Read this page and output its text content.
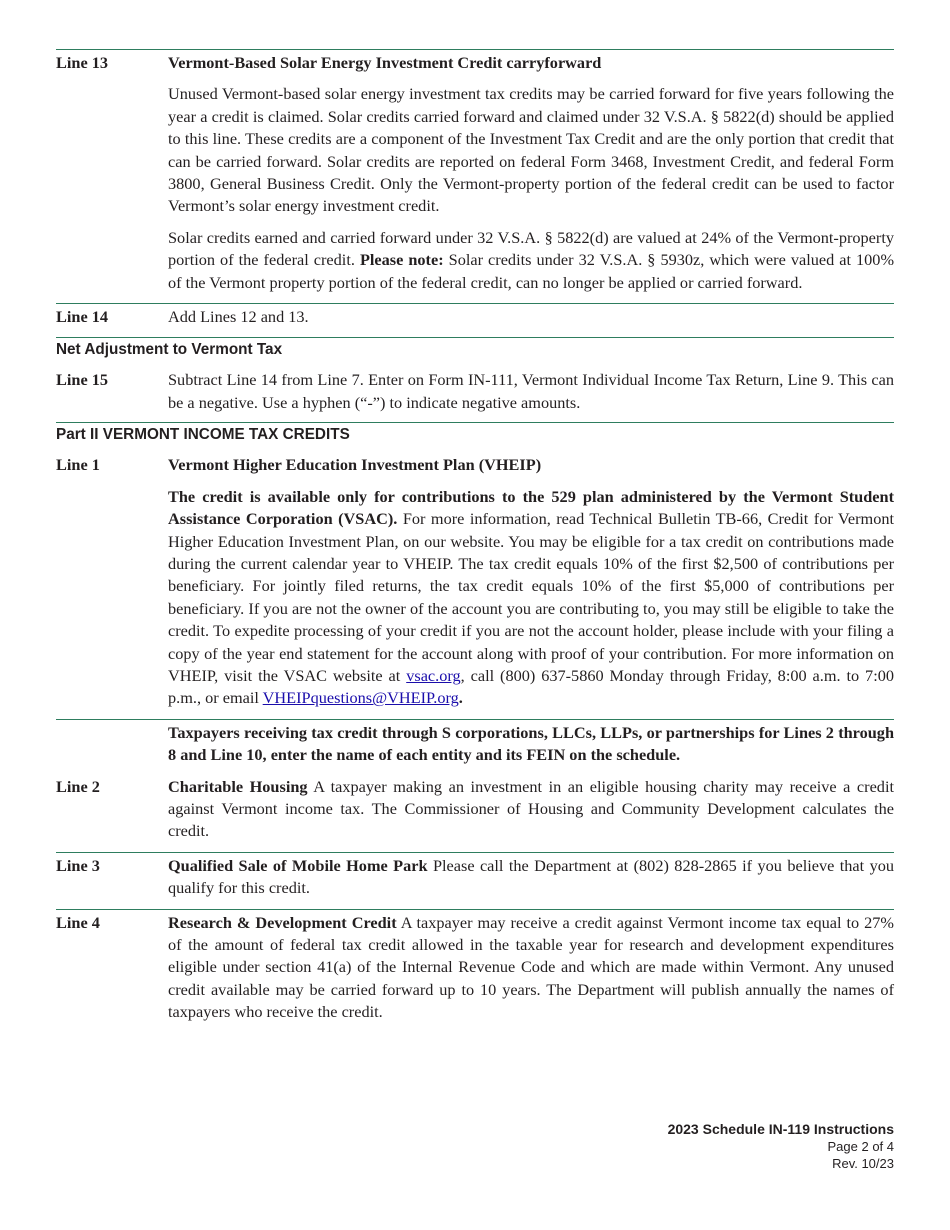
Line 13	Vermont-Based Solar Energy Investment Credit carryforward

Unused Vermont-based solar energy investment tax credits may be carried forward for five years following the year a credit is claimed. Solar credits carried forward and claimed under 32 V.S.A. § 5822(d) should be applied to this line. These credits are a component of the Investment Tax Credit and are the only portion that credit that can be carried forward. Solar credits are reported on federal Form 3468, Investment Credit, and federal Form 3800, General Business Credit. Only the Vermont-property portion of the federal credit can be used to factor Vermont’s solar energy investment credit.

Solar credits earned and carried forward under 32 V.S.A. § 5822(d) are valued at 24% of the Vermont-property portion of the federal credit. Please note: Solar credits under 32 V.S.A. § 5930z, which were valued at 100% of the Vermont property portion of the federal credit, can no longer be applied or carried forward.

Line 14	Add Lines 12 and 13.
Net Adjustment to Vermont Tax
Line 15	Subtract Line 14 from Line 7. Enter on Form IN-111, Vermont Individual Income Tax Return, Line 9. This can be a negative. Use a hyphen (“-”) to indicate negative amounts.
Part II VERMONT INCOME TAX CREDITS
Line 1	Vermont Higher Education Investment Plan (VHEIP)

The credit is available only for contributions to the 529 plan administered by the Vermont Student Assistance Corporation (VSAC). For more information, read Technical Bulletin TB-66, Credit for Vermont Higher Education Investment Plan, on our website. You may be eligible for a tax credit on contributions made during the current calendar year to VHEIP. The tax credit equals 10% of the first $2,500 of contributions per beneficiary. For jointly filed returns, the tax credit equals 10% of the first $5,000 of contributions per beneficiary. If you are not the owner of the account you are contributing to, you may still be eligible to take the credit. To expedite processing of your credit if you are not the account holder, please include with your filing a copy of the year end statement for the account along with proof of your contribution. For more information on VHEIP, visit the VSAC website at vsac.org, call (800) 637-5860 Monday through Friday, 8:00 a.m. to 7:00 p.m., or email VHEIPquestions@VHEIP.org.

Taxpayers receiving tax credit through S corporations, LLCs, LLPs, or partnerships for Lines 2 through 8 and Line 10, enter the name of each entity and its FEIN on the schedule.
Line 2	Charitable Housing A taxpayer making an investment in an eligible housing charity may receive a credit against Vermont income tax. The Commissioner of Housing and Community Development calculates the credit.
Line 3	Qualified Sale of Mobile Home Park Please call the Department at (802) 828-2865 if you believe that you qualify for this credit.
Line 4	Research & Development Credit A taxpayer may receive a credit against Vermont income tax equal to 27% of the amount of federal tax credit allowed in the taxable year for research and development expenditures eligible under section 41(a) of the Internal Revenue Code and which are made within Vermont. Any unused credit available may be carried forward up to 10 years. The Department will publish annually the names of taxpayers who receive the credit.
2023 Schedule IN-119 Instructions
Page 2 of 4
Rev. 10/23
